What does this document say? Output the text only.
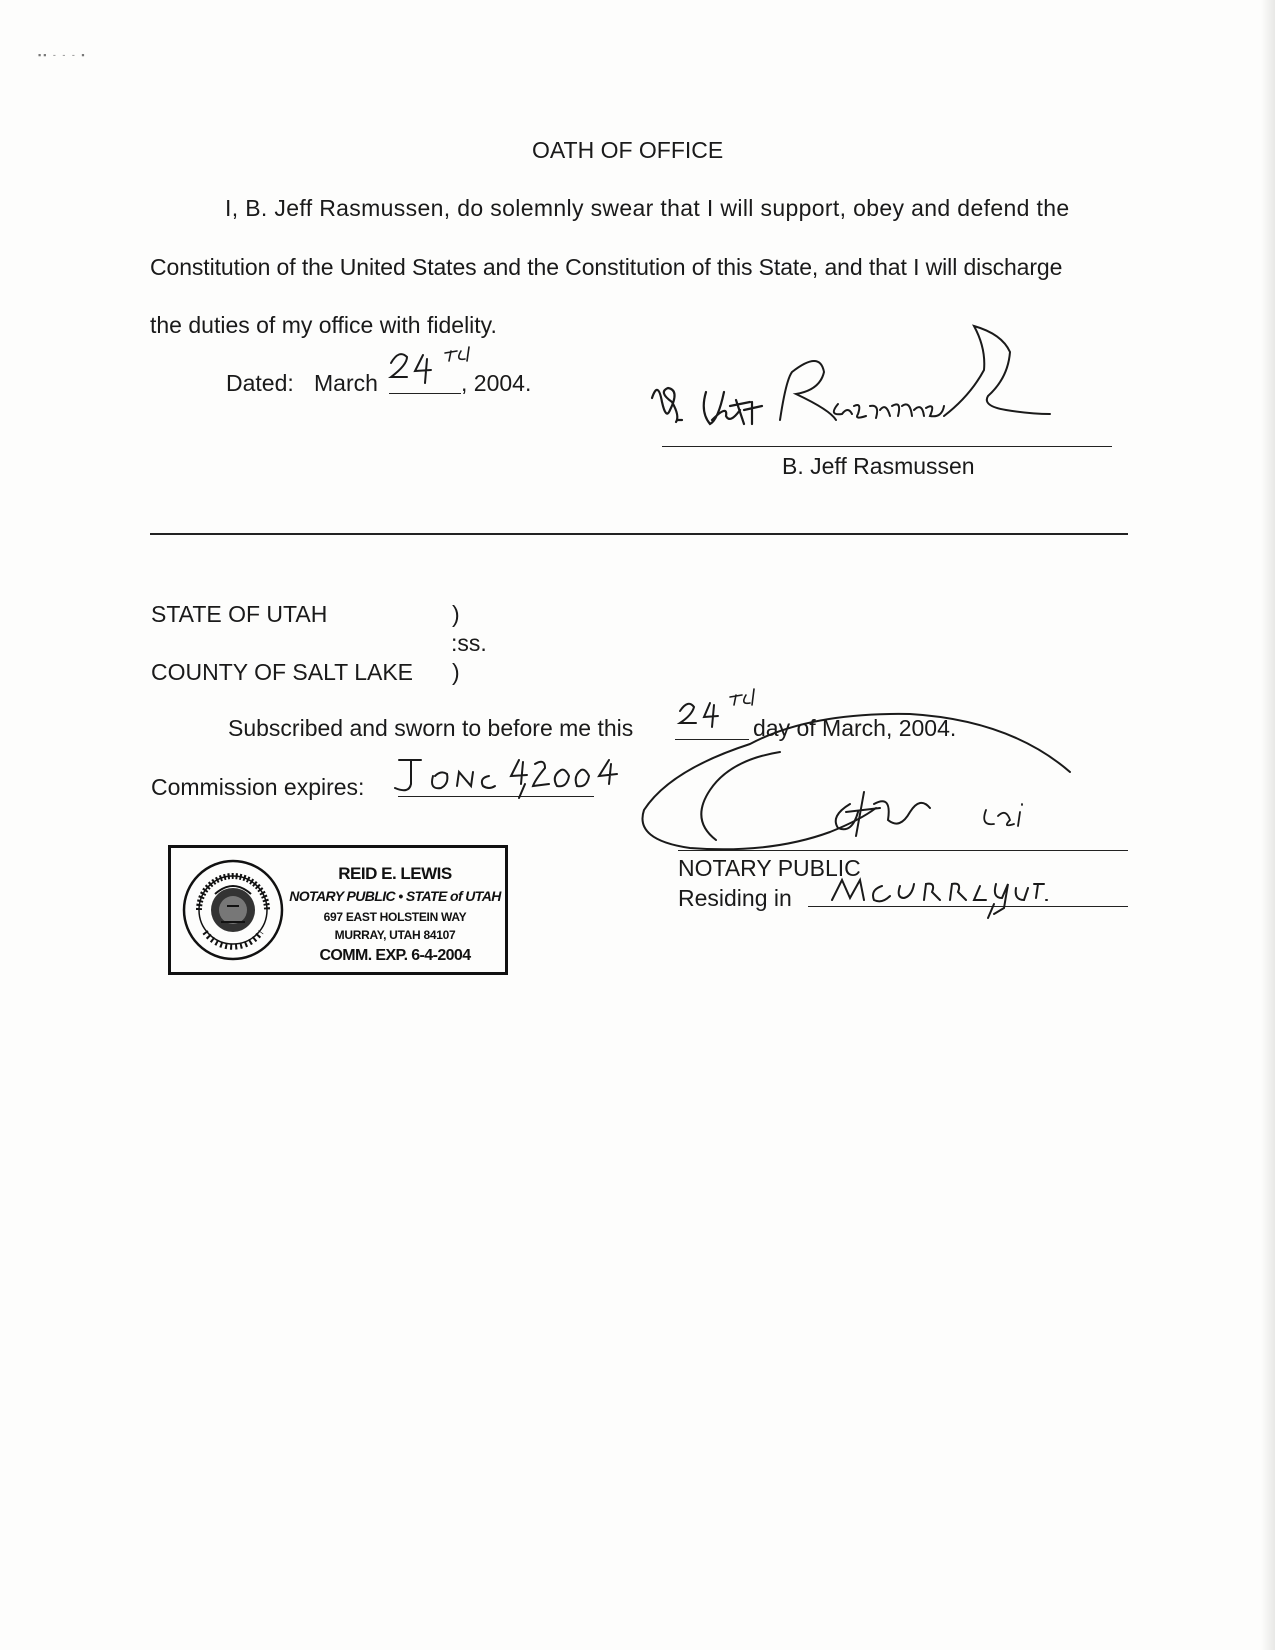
▪▪ ‑ ‑ ‑ ▪
OATH OF OFFICE
I, B. Jeff Rasmussen, do solemnly swear that I will support, obey and defend the
Constitution of the United States and the Constitution of this State, and that I will discharge
the duties of my office with fidelity.
Dated: March	, 2004.
B. Jeff Rasmussen
STATE OF UTAH	)
:ss.
COUNTY OF SALT LAKE )
Subscribed and sworn to before me this	day of March, 2004.
Commission expires:
NOTARY PUBLIC
Residing in
REID E. LEWIS
NOTARY PUBLIC • STATE of UTAH
697 EAST HOLSTEIN WAY
MURRAY, UTAH 84107
COMM. EXP. 6-4-2004
